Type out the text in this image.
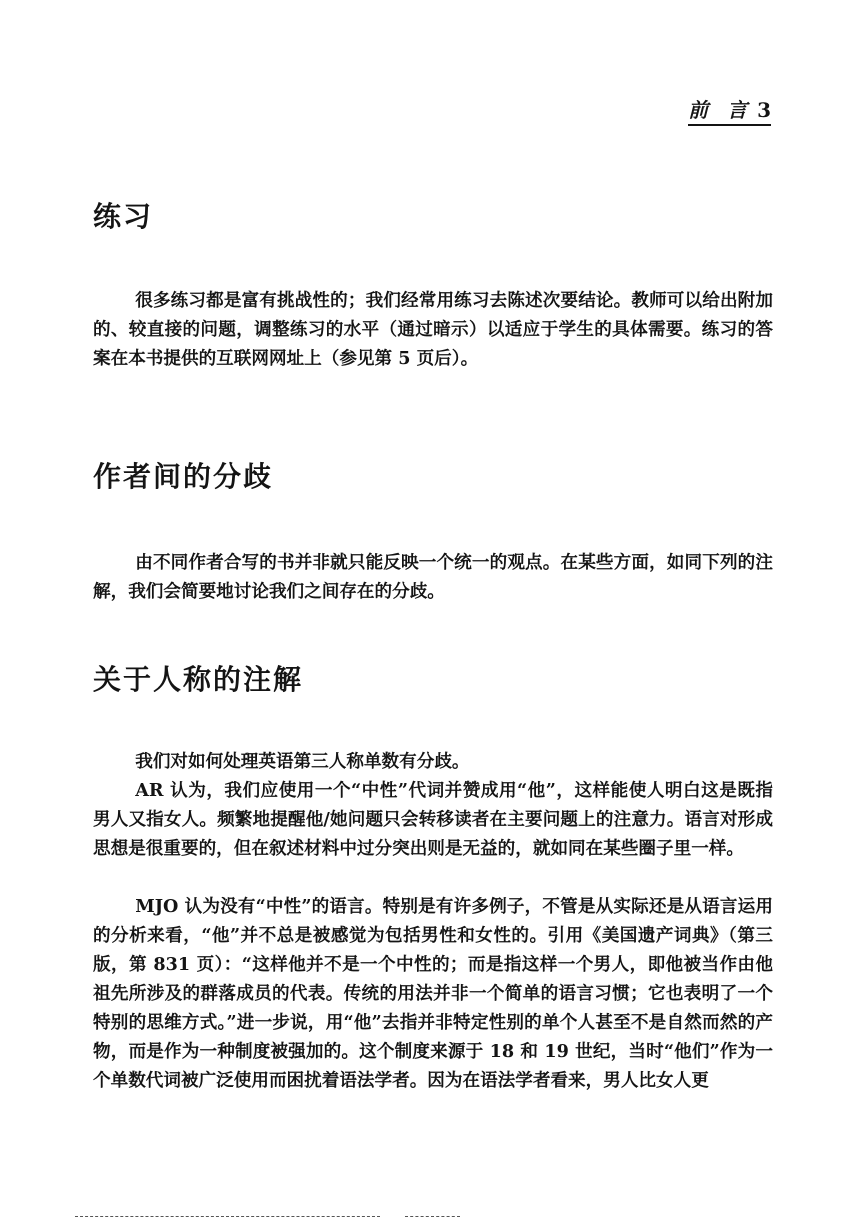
前 言 3
练习

很多练习都是富有挑战性的；我们经常用练习去陈述次要结论。教师可以给出附加的、较直接的问题，调整练习的水平（通过暗示）以适应于学生的具体需要。练习的答案在本书提供的互联网网址上（参见第 5 页后）。

作者间的分歧

由不同作者合写的书并非就只能反映一个统一的观点。在某些方面，如同下列的注解，我们会简要地讨论我们之间存在的分歧。

关于人称的注解

我们对如何处理英语第三人称单数有分歧。

AR 认为，我们应使用一个“中性”代词并赞成用“他”，这样能使人明白这是既指男人又指女人。频繁地提醒他/她问题只会转移读者在主要问题上的注意力。语言对形成思想是很重要的，但在叙述材料中过分突出则是无益的，就如同在某些圈子里一样。

MJO 认为没有“中性”的语言。特别是有许多例子，不管是从实际还是从语言运用的分析来看，“他”并不总是被感觉为包括男性和女性的。引用《美国遗产词典》（第三版，第 831 页）：“这样他并不是一个中性的；而是指这样一个男人，即他被当作由他祖先所涉及的群落成员的代表。传统的用法并非一个简单的语言习惯；它也表明了一个特别的思维方式。”进一步说，用“他”去指并非特定性别的单个人甚至不是自然而然的产物，而是作为一种制度被强加的。这个制度来源于 18 和 19 世纪，当时“他们”作为一个单数代词被广泛使用而困扰着语法学者。因为在语法学者看来，男人比女人更
